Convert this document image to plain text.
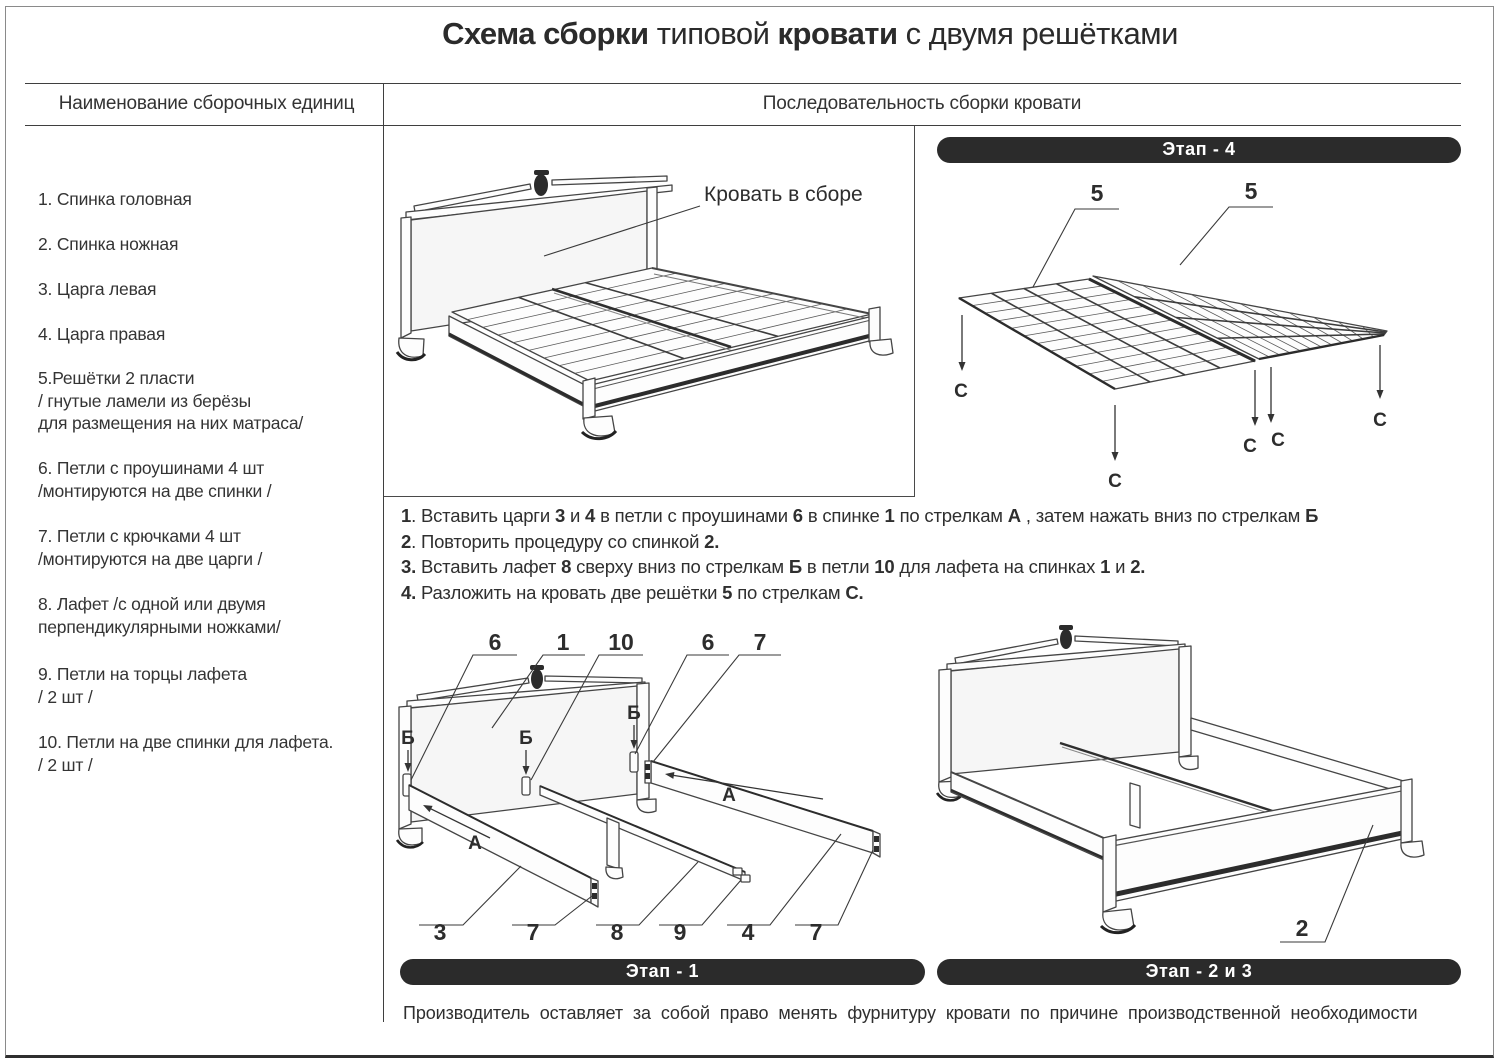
Схема сборки типовой кровати с двумя решётками
Наименование сборочных единиц	Последовательность сборки кровати
1. Спинка головная
2. Спинка ножная
3. Царга левая
4. Царга правая
5.Решётки 2 пласти
/ гнутые ламели из берёзы
для размещения на них матраса/
6. Петли с проушинами 4 шт
/монтируются на две спинки /
7. Петли с крючками 4 шт
/монтируются на две царги /
8. Лафет /с одной или двумя
перпендикулярными ножками/
9. Петли на торцы лафета
/ 2 шт /
10. Петли на две спинки для лафета.
/ 2 шт /
Кровать в сборе
Этап - 4
5	5
С
С
С С
С
1. Вставить царги 3 и 4 в петли с проушинами 6 в спинке 1 по стрелкам А , затем нажать вниз по стрелкам Б
2. Повторить процедуру со спинкой 2.
3. Вставить лафет 8 сверху вниз по стрелкам Б в петли 10 для лафета на спинках 1 и 2.
4. Разложить на кровать две решётки 5 по стрелкам С.
6 1 10	6 7
3	7	8 9 4 7
Б	Б
Б
А
А
Этап - 1
2
Этап - 2 и 3
Производитель оставляет за собой право менять фурнитуру кровати по причине производственной необходимости
